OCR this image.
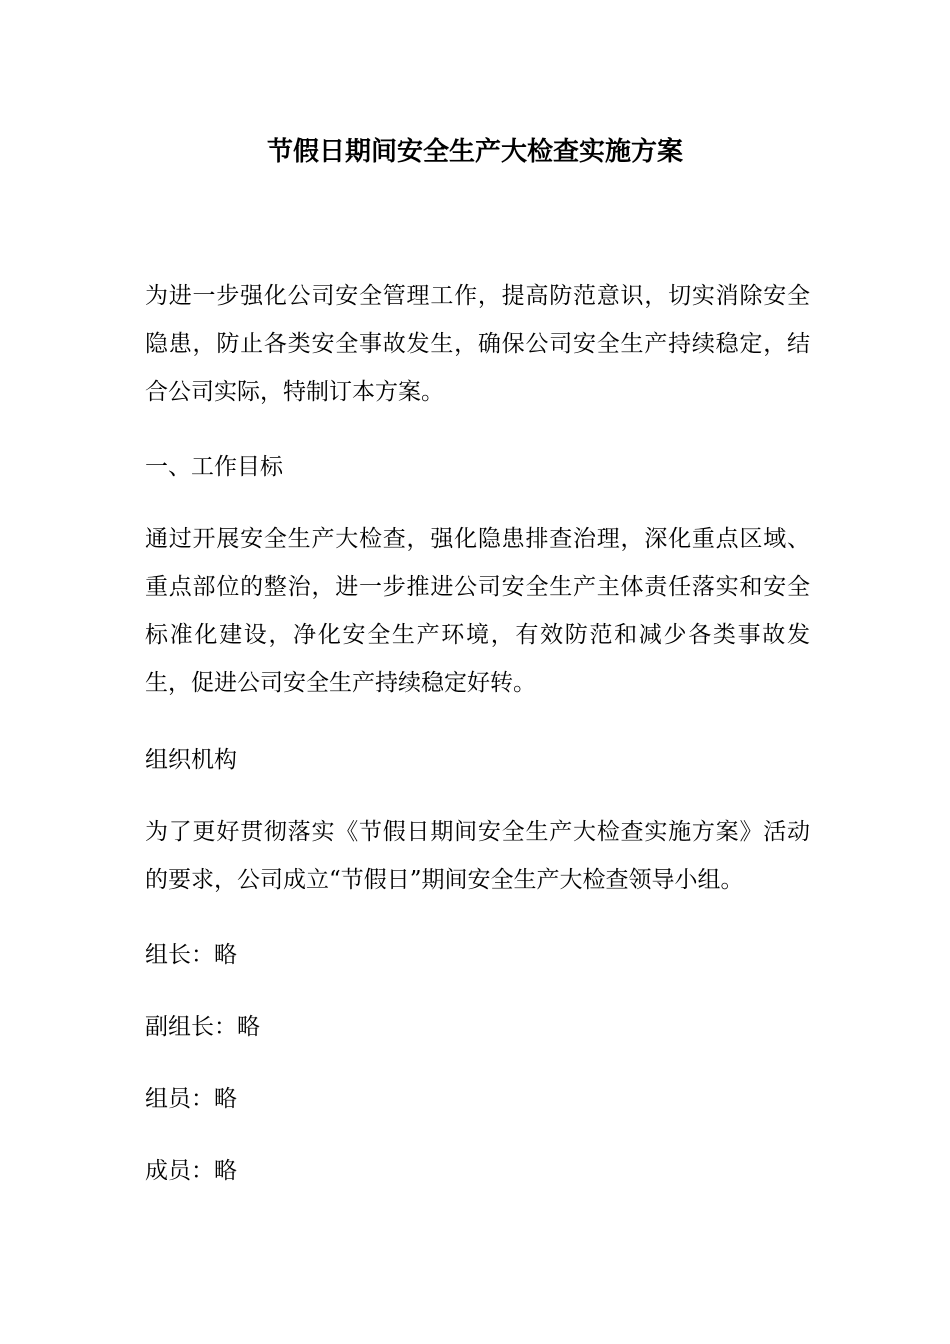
节假日期间安全生产大检查实施方案

为进一步强化公司安全管理工作，提高防范意识，切实消除安全隐患，防止各类安全事故发生，确保公司安全生产持续稳定，结合公司实际，特制订本方案。

一、工作目标

通过开展安全生产大检查，强化隐患排查治理，深化重点区域、重点部位的整治，进一步推进公司安全生产主体责任落实和安全标准化建设，净化安全生产环境，有效防范和减少各类事故发生，促进公司安全生产持续稳定好转。

组织机构

为了更好贯彻落实《节假日期间安全生产大检查实施方案》活动的要求，公司成立“节假日”期间安全生产大检查领导小组。

组长：略

副组长：略

组员：略

成员：略
